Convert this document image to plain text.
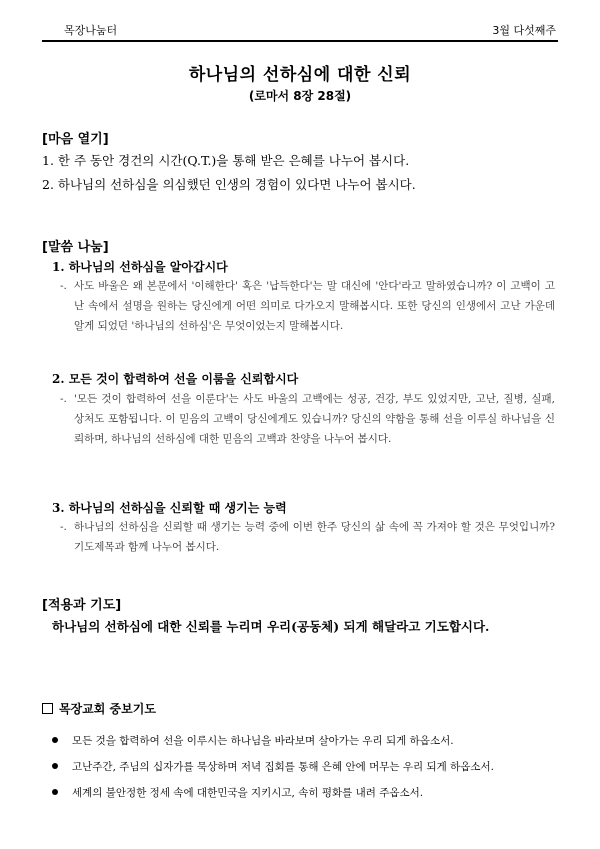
목장나눔터	3월 다섯째주
하나님의 선하심에 대한 신뢰
(로마서 8장 28절)
[마음 열기]
1. 한 주 동안 경건의 시간(Q.T.)을 통해 받은 은혜를 나누어 봅시다.
2. 하나님의 선하심을 의심했던 인생의 경험이 있다면 나누어 봅시다.
[말씀 나눔]
1. 하나님의 선하심을 알아갑시다
-. 사도 바울은 왜 본문에서 '이해한다' 혹은 '납득한다'는 말 대신에 '안다'라고 말하였습니까? 이 고백이 고난 속에서 설명을 원하는 당신에게 어떤 의미로 다가오지 말해봅시다. 또한 당신의 인생에서 고난 가운데 알게 되었던 '하나님의 선하심'은 무엇이었는지 말해봅시다.
2. 모든 것이 합력하여 선을 이룸을 신뢰합시다
-. '모든 것이 합력하여 선을 이룬다'는 사도 바울의 고백에는 성공, 건강, 부도 있었지만, 고난, 질병, 실패, 상처도 포함됩니다. 이 믿음의 고백이 당신에게도 있습니까? 당신의 약함을 통해 선을 이루실 하나님을 신뢰하며, 하나님의 선하심에 대한 믿음의 고백과 찬양을 나누어 봅시다.
3. 하나님의 선하심을 신뢰할 때 생기는 능력
-. 하나님의 선하심을 신뢰할 때 생기는 능력 중에 이번 한주 당신의 삶 속에 꼭 가져야 할 것은 무엇입니까? 기도제목과 함께 나누어 봅시다.
[적용과 기도]
하나님의 선하심에 대한 신뢰를 누리며 우리(공동체) 되게 해달라고 기도합시다.
목장교회 중보기도
모든 것을 합력하여 선을 이루시는 하나님을 바라보며 살아가는 우리 되게 하옵소서.
고난주간, 주님의 십자가를 묵상하며 저녁 집회를 통해 은혜 안에 머무는 우리 되게 하옵소서.
세계의 불안정한 정세 속에 대한민국을 지키시고, 속히 평화를 내려 주옵소서.
